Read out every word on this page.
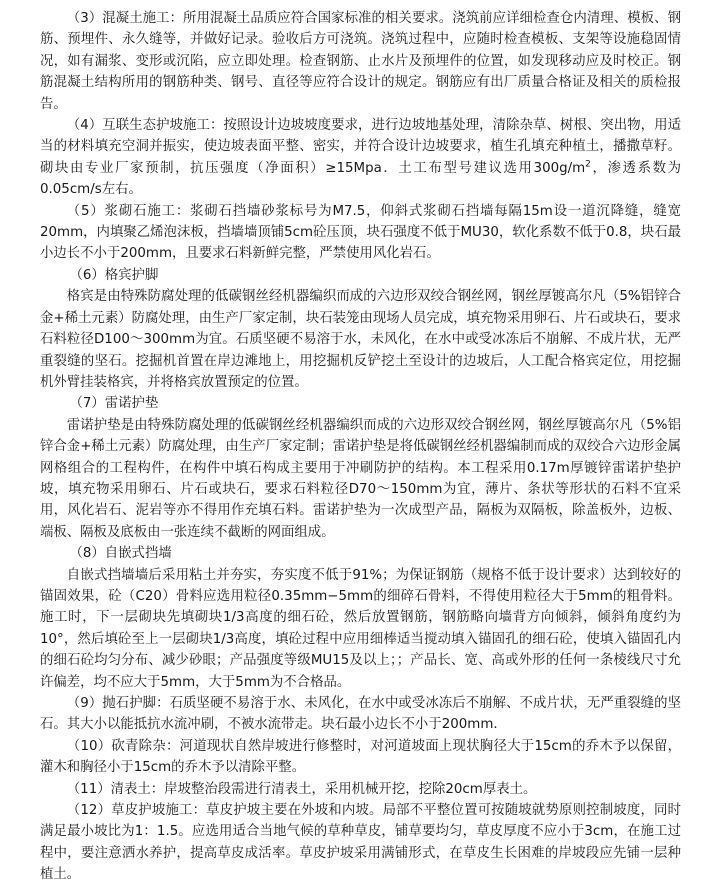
（3）混凝土施工：所用混凝土品质应符合国家标准的相关要求。浇筑前应详细检查仓内清理、模板、钢筋、预埋件、永久缝等，并做好记录。验收后方可浇筑。浇筑过程中，应随时检查模板、支架等设施稳固情况，如有漏浆、变形或沉陷，应立即处理。检查钢筋、止水片及预埋件的位置，如发现移动应及时校正。钢筋混凝土结构所用的钢筋种类、钢号、直径等应符合设计的规定。钢筋应有出厂质量合格证及相关的质检报告。

（4）互联生态护坡施工：按照设计边坡坡度要求，进行边坡地基处理，清除杂草、树根、突出物，用适当的材料填充空洞并振实，使边坡表面平整、密实，并符合设计边坡要求，植生孔填充种植土，播撒草籽。砌块由专业厂家预制，抗压强度（净面积）≥15Mpa．土工布型号建议选用$300g/m^2$，渗透系数为0.05cm/s左右。

（5）浆砌石施工：浆砌石挡墙砂浆标号为M7.5，仰斜式浆砌石挡墙每隔15m设一道沉降缝，缝宽20mm，内填聚乙烯泡沫板，挡墙墙顶铺5cm砼压顶，块石强度不低于MU30，软化系数不低于0.8，块石最小边长不小于200mm，且要求石料新鲜完整，严禁使用风化岩石。

（6）格宾护脚

格宾是由特殊防腐处理的低碳钢丝经机器编织而成的六边形双绞合钢丝网，钢丝厚镀高尔凡（5%铝锌合金+稀土元素）防腐处理，由生产厂家定制，块石装笼由现场人员完成，填充物采用卵石、片石或块石，要求石料粒径D100～300mm为宜。石质坚硬不易溶于水，未风化，在水中或受冰冻后不崩解、不成片状，无严重裂缝的坚石。挖掘机首置在岸边滩地上，用挖掘机反铲挖土至设计的边坡后，人工配合格宾定位，用挖掘机外臂挂装格宾，并将格宾放置预定的位置。

（7）雷诺护垫

雷诺护垫是由特殊防腐处理的低碳钢丝经机器编织而成的六边形双绞合钢丝网，钢丝厚镀高尔凡（5%铝锌合金+稀土元素）防腐处理，由生产厂家定制；雷诺护垫是将低碳钢丝经机器编制而成的双绞合六边形金属网格组合的工程构件，在构件中填石构成主要用于冲刷防护的结构。本工程采用0.17m厚镀锌雷诺护垫护坡，填充物采用卵石、片石或块石，要求石料粒径D70～150mm为宜，薄片、条状等形状的石料不宜采用，风化岩石、泥岩等亦不得用作充填石料。雷诺护垫为一次成型产品，隔板为双隔板，除盖板外，边板、端板、隔板及底板由一张连续不截断的网面组成。

（8）自嵌式挡墙

自嵌式挡墙墙后采用粘土并夯实，夯实度不低于91%；为保证钢筋（规格不低于设计要求）达到较好的锚固效果，砼（C20）骨料应选用粒径0.35mm−5mm的细碎石骨料，不得使用粒径大于5mm的粗骨料。施工时，下一层砌块先填砌块1/3高度的细石砼，然后放置钢筋，钢筋略向墙背方向倾斜，倾斜角度约为10°，然后填砼至上一层砌块1/3高度，填砼过程中应用细棒适当搅动填入锚固孔的细石砼，使填入锚固孔内的细石砼均匀分布、减少砂眼；产品强度等级MU15及以上；；产品长、宽、高或外形的任何一条棱线尺寸允许偏差，均不应大于5mm，大于5mm为不合格品。

（9）抛石护脚：石质坚硬不易溶于水、未风化，在水中或受冰冻后不崩解、不成片状，无严重裂缝的坚石。其大小以能抵抗水流冲刷，不被水流带走。块石最小边长不小于200mm．

（10）砍青除杂：河道现状自然岸坡进行修整时，对河道坡面上现状胸径大于15cm的乔木予以保留，灌木和胸径小于15cm的乔木予以清除平整。

（11）清表土：岸坡整治段需进行清表土，采用机械开挖，挖除20cm厚表土。

（12）草皮护坡施工：草皮护坡主要在外坡和内坡。局部不平整位置可按随坡就势原则控制坡度，同时满足最小坡比为1：1.5。应选用适合当地气候的草种草皮，铺草要均匀，草皮厚度不应小于3cm，在施工过程中，要注意洒水养护，提高草皮成活率。草皮护坡采用满铺形式，在草皮生长困难的岸坡段应先铺一层种植土。
